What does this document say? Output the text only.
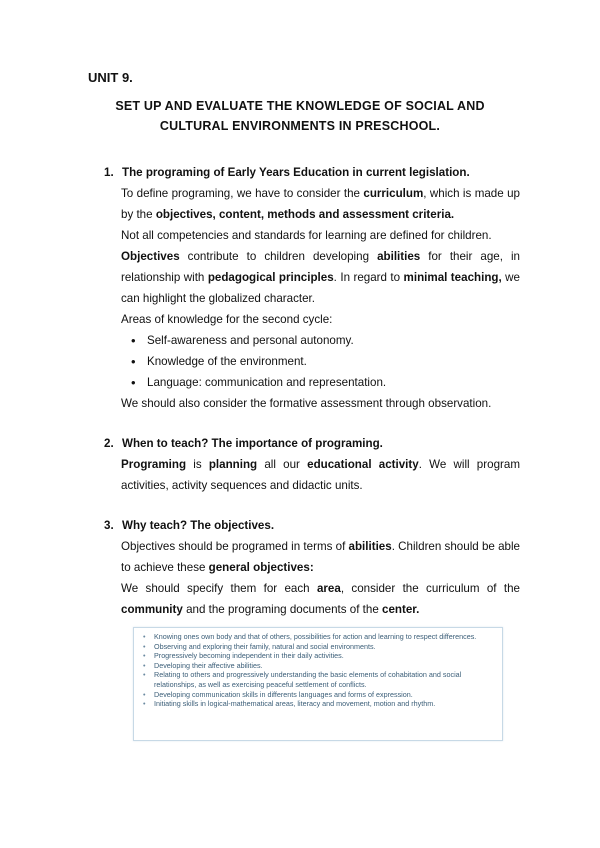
UNIT 9.
SET UP AND EVALUATE THE KNOWLEDGE OF SOCIAL AND
CULTURAL ENVIRONMENTS IN PRESCHOOL.
1. The programing of Early Years Education in current legislation.
To define programing, we have to consider the curriculum, which is made up by the objectives, content, methods and assessment criteria.
Not all competencies and standards for learning are defined for children.
Objectives contribute to children developing abilities for their age, in relationship with pedagogical principles. In regard to minimal teaching, we can highlight the globalized character.
Areas of knowledge for the second cycle:
• Self-awareness and personal autonomy.
• Knowledge of the environment.
• Language: communication and representation.
We should also consider the formative assessment through observation.
2. When to teach? The importance of programing.
Programing is planning all our educational activity. We will program activities, activity sequences and didactic units.
3. Why teach? The objectives.
Objectives should be programed in terms of abilities. Children should be able to achieve these general objectives:
We should specify them for each area, consider the curriculum of the community and the programing documents of the center.
• Knowing ones own body and that of others, possibilities for action and learning to respect differences.
• Observing and exploring their family, natural and social environments.
• Progressively becoming independent in their daily activities.
• Developing their affective abilities.
• Relating to others and progressively understanding the basic elements of cohabitation and social relationships, as well as exercising peaceful settlement of conflicts.
• Developing communication skills in differents languages and forms of expression.
• Initiating skills in logical-mathematical areas, literacy and movement, motion and rhythm.
